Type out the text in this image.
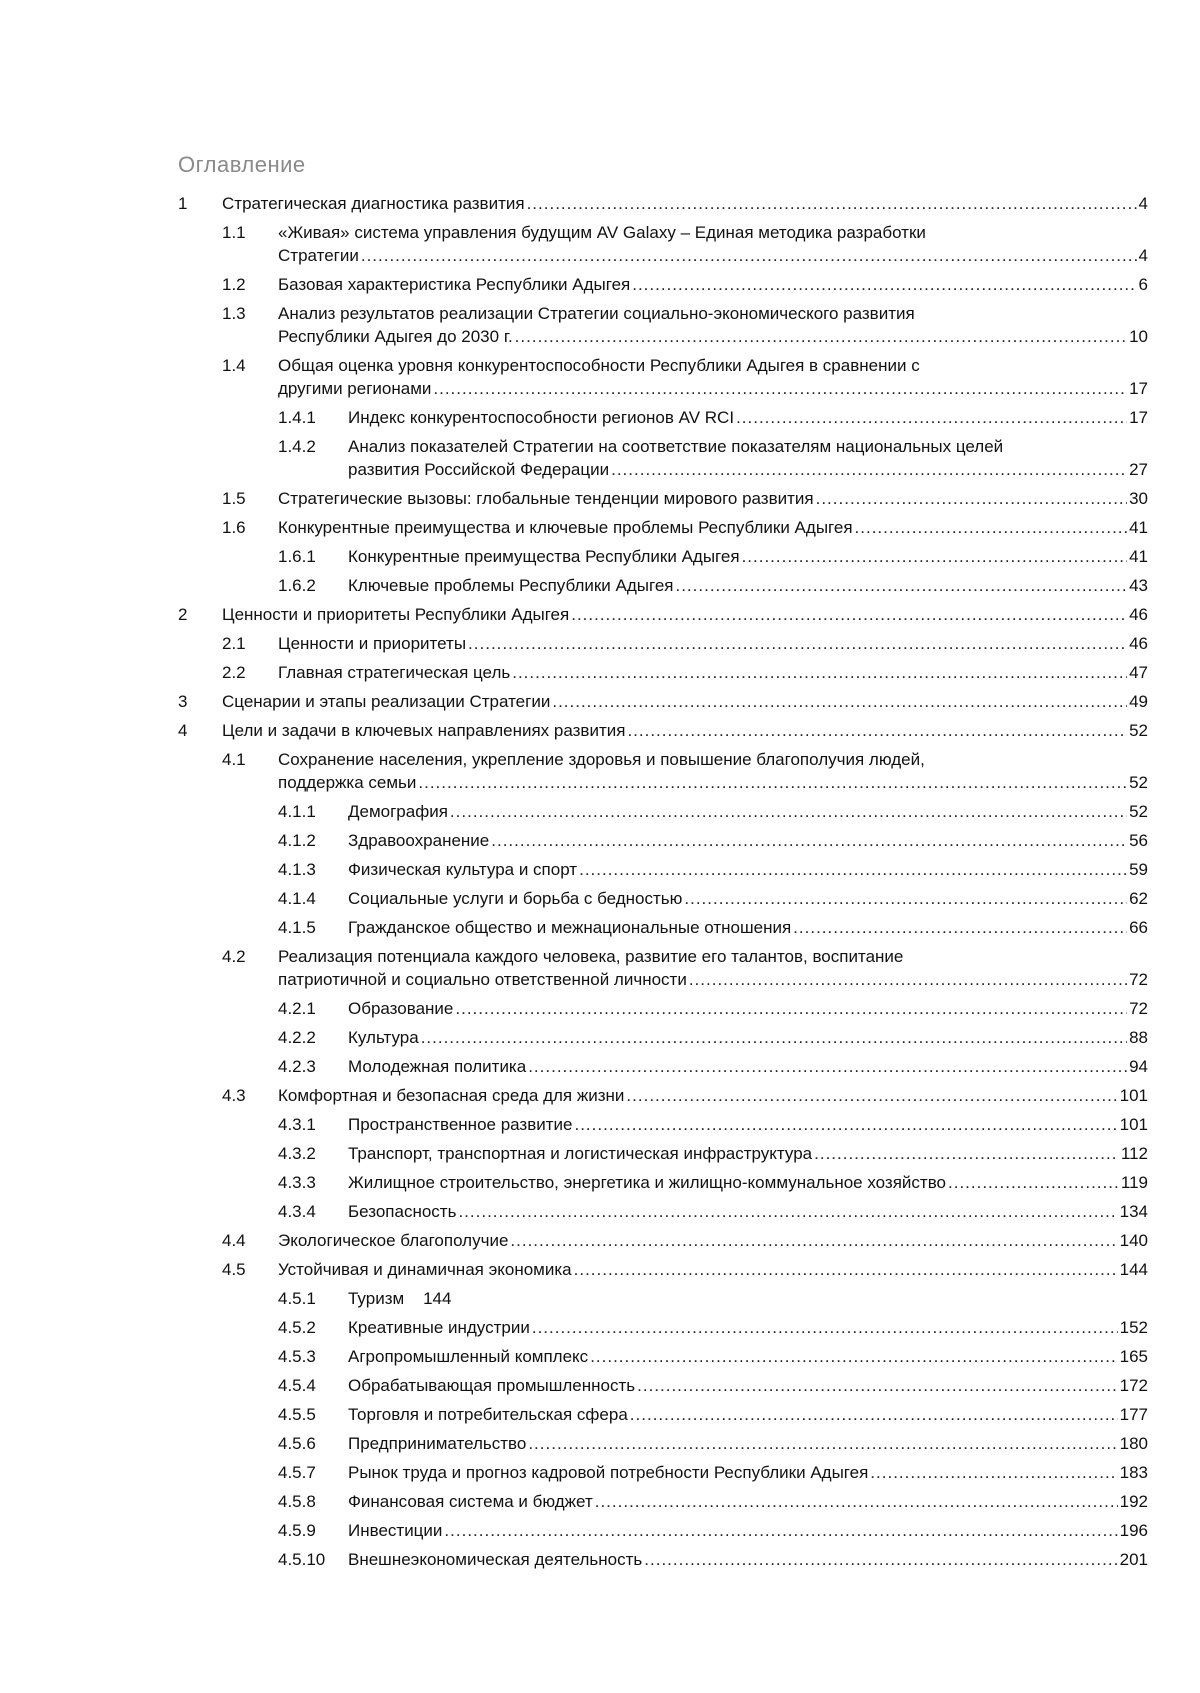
Оглавление
1 Стратегическая диагностика развития .....	4
1.1 «Живая» система управления будущим AV Galaxy – Единая методика разработки
Стратегии .....	4
1.2 Базовая характеристика Республики Адыгея .....	6
1.3 Анализ результатов реализации Стратегии социально-экономического развития
Республики Адыгея до 2030 г. .....	10
1.4 Общая оценка уровня конкурентоспособности Республики Адыгея в сравнении с
другими регионами .....	17
1.4.1 Индекс конкурентоспособности регионов AV RCI .....	17
1.4.2 Анализ показателей Стратегии на соответствие показателям национальных целей
развития Российской Федерации .....	27
1.5 Стратегические вызовы: глобальные тенденции мирового развития .....	30
1.6 Конкурентные преимущества и ключевые проблемы Республики Адыгея .....	41
1.6.1 Конкурентные преимущества Республики Адыгея .....	41
1.6.2 Ключевые проблемы Республики Адыгея .....	43
2 Ценности и приоритеты Республики Адыгея .....	46
2.1 Ценности и приоритеты .....	46
2.2 Главная стратегическая цель .....	47
3 Сценарии и этапы реализации Стратегии .....	49
4 Цели и задачи в ключевых направлениях развития .....	52
4.1 Сохранение населения, укрепление здоровья и повышение благополучия людей,
поддержка семьи .....	52
4.1.1 Демография .....	52
4.1.2 Здравоохранение .....	56
4.1.3 Физическая культура и спорт .....	59
4.1.4 Социальные услуги и борьба с бедностью .....	62
4.1.5 Гражданское общество и межнациональные отношения .....	66
4.2 Реализация потенциала каждого человека, развитие его талантов, воспитание
патриотичной и социально ответственной личности .....	72
4.2.1 Образование .....	72
4.2.2 Культура .....	88
4.2.3 Молодежная политика .....	94
4.3 Комфортная и безопасная среда для жизни .....	101
4.3.1 Пространственное развитие .....	101
4.3.2 Транспорт, транспортная и логистическая инфраструктура .....	112
4.3.3 Жилищное строительство, энергетика и жилищно-коммунальное хозяйство .....	119
4.3.4 Безопасность .....	134
4.4 Экологическое благополучие .....	140
4.5 Устойчивая и динамичная экономика .....	144
4.5.1 Туризм    144
4.5.2 Креативные индустрии .....	152
4.5.3 Агропромышленный комплекс .....	165
4.5.4 Обрабатывающая промышленность .....	172
4.5.5 Торговля и потребительская сфера .....	177
4.5.6 Предпринимательство .....	180
4.5.7 Рынок труда и прогноз кадровой потребности Республики Адыгея .....	183
4.5.8 Финансовая система и бюджет .....	192
4.5.9 Инвестиции .....	196
4.5.10 Внешнеэкономическая деятельность .....	201
